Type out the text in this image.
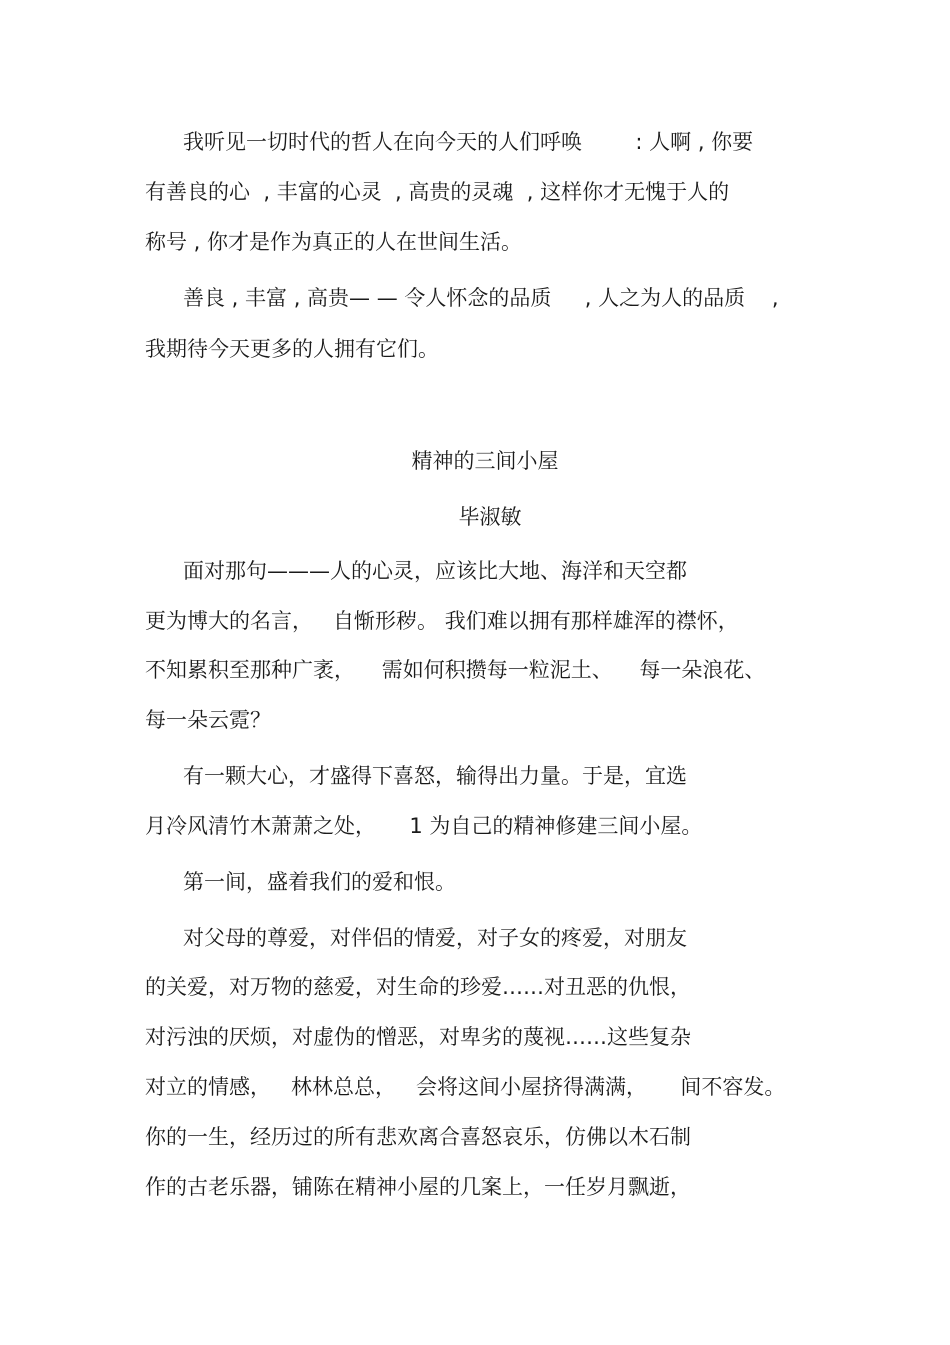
我听见一切时代的哲人在向今天的人们呼唤        : 人啊 , 你要
有善良的心  , 丰富的心灵  , 高贵的灵魂  , 这样你才无愧于人的
称号 , 你才是作为真正的人在世间生活。
善良 , 丰富 , 高贵— — 令人怀念的品质     , 人之为人的品质    ,
我期待今天更多的人拥有它们。
精神的三间小屋
毕淑敏
面对那句———人的心灵，应该比大地、海洋和天空都
更为博大的名言，   自惭形秽。 我们难以拥有那样雄浑的襟怀，
不知累积至那种广袤，    需如何积攒每一粒泥土、    每一朵浪花、
每一朵云霓？
有一颗大心，才盛得下喜怒，输得出力量。于是，宜选
月冷风清竹木萧萧之处，     1 为自己的精神修建三间小屋。
第一间，盛着我们的爱和恨。
对父母的尊爱，对伴侣的情爱，对子女的疼爱，对朋友
的关爱，对万物的慈爱，对生命的珍爱……对丑恶的仇恨，
对污浊的厌烦，对虚伪的憎恶，对卑劣的蔑视……这些复杂
对立的情感，   林林总总，   会将这间小屋挤得满满，     间不容发。
你的一生，经历过的所有悲欢离合喜怒哀乐，仿佛以木石制
作的古老乐器，铺陈在精神小屋的几案上，一任岁月飘逝，
